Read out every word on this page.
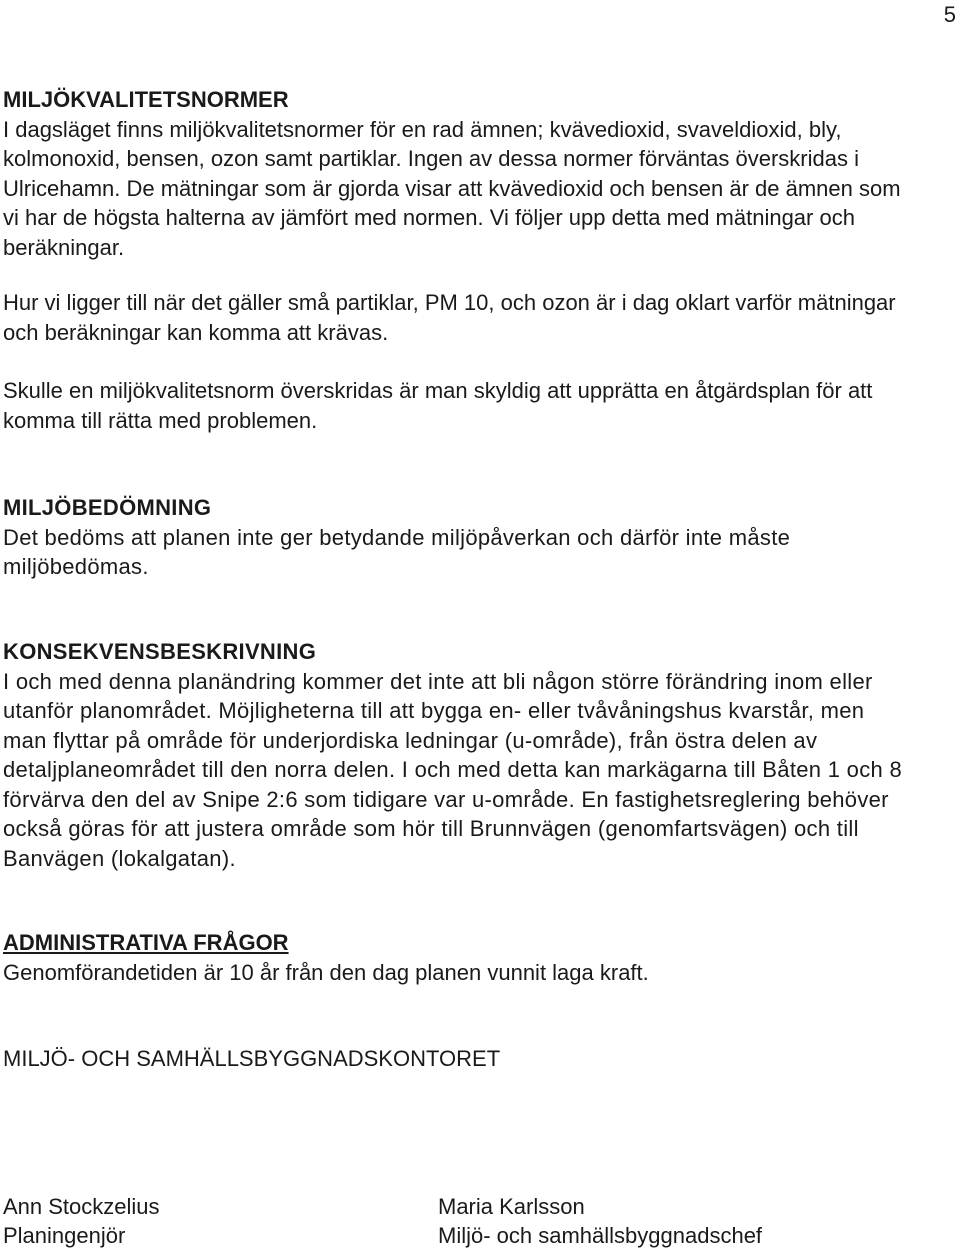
5
MILJÖKVALITETSNORMER

I dagsläget finns miljökvalitetsnormer för en rad ämnen; kvävedioxid, svaveldioxid, bly, kolmonoxid, bensen, ozon samt partiklar. Ingen av dessa normer förväntas överskridas i Ulricehamn. De mätningar som är gjorda visar att kvävedioxid och bensen är de ämnen som vi har de högsta halterna av jämfört med normen. Vi följer upp detta med mätningar och beräkningar.

Hur vi ligger till när det gäller små partiklar, PM 10, och ozon är i dag oklart varför mätningar och beräkningar kan komma att krävas.

Skulle en miljökvalitetsnorm överskridas är man skyldig att upprätta en åtgärdsplan för att komma till rätta med problemen.

MILJÖBEDÖMNING

Det bedöms att planen inte ger betydande miljöpåverkan och därför inte måste miljöbedömas.

KONSEKVENSBESKRIVNING

I och med denna planändring kommer det inte att bli någon större förändring inom eller utanför planområdet. Möjligheterna till att bygga en- eller tvåvåningshus kvarstår, men man flyttar på område för underjordiska ledningar (u-område), från östra delen av detaljplaneområdet till den norra delen. I och med detta kan markägarna till Båten 1 och 8 förvärva den del av Snipe 2:6 som tidigare var u-område. En fastighetsreglering behöver också göras för att justera område som hör till Brunnvägen (genomfartsvägen) och till Banvägen (lokalgatan).

ADMINISTRATIVA FRÅGOR

Genomförandetiden är 10 år från den dag planen vunnit laga kraft.

MILJÖ- OCH SAMHÄLLSBYGGNADSKONTORET
Ann Stockzelius
Planingenjör
Maria Karlsson
Miljö- och samhällsbyggnadschef
